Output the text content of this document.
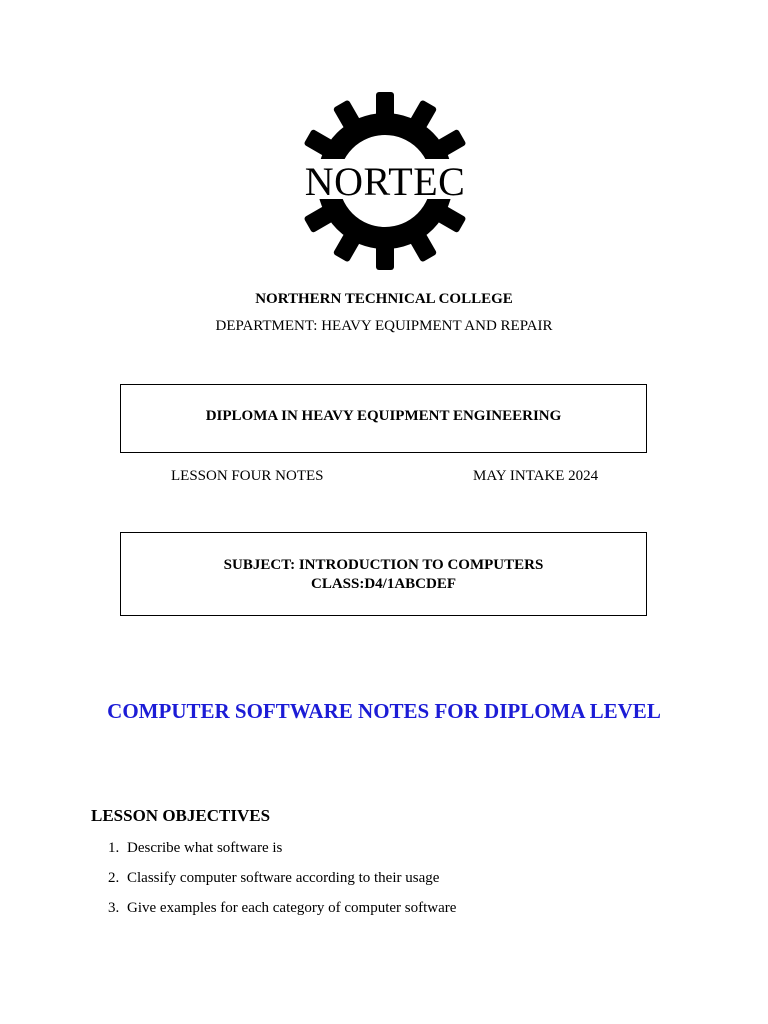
NORTEC
NORTHERN TECHNICAL COLLEGE
DEPARTMENT: HEAVY EQUIPMENT AND REPAIR
DIPLOMA IN HEAVY EQUIPMENT ENGINEERING
LESSON FOUR NOTES	MAY INTAKE 2024
SUBJECT: INTRODUCTION TO COMPUTERS
CLASS:D4/1ABCDEF
COMPUTER SOFTWARE NOTES FOR DIPLOMA LEVEL
LESSON OBJECTIVES
1. Describe what software is
2. Classify computer software according to their usage
3. Give examples for each category of computer software
